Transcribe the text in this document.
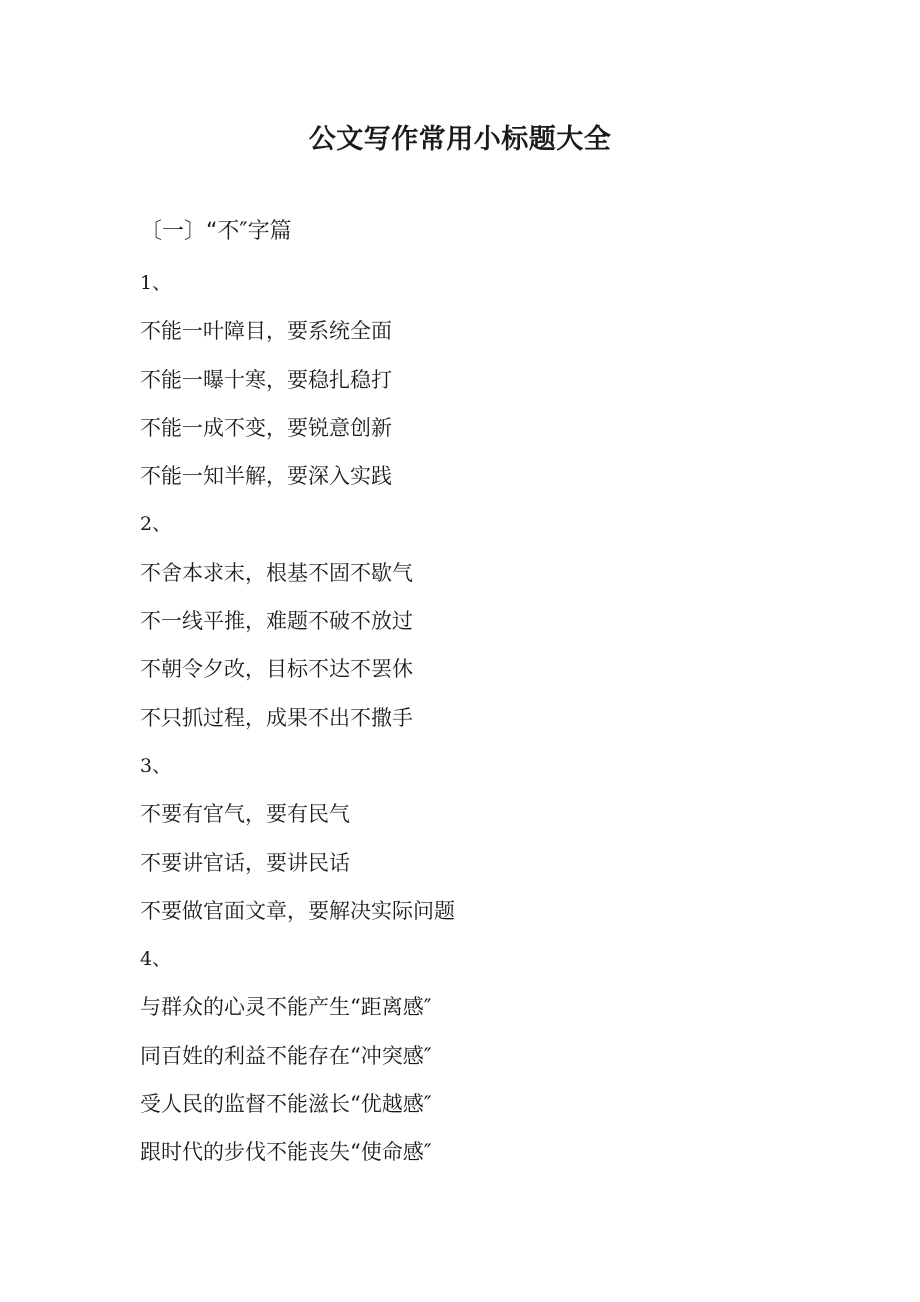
公文写作常用小标题大全
〔一〕“不″字篇
1、
不能一叶障目，要系统全面
不能一曝十寒，要稳扎稳打
不能一成不变，要锐意创新
不能一知半解，要深入实践
2、
不舍本求末，根基不固不歇气
不一线平推，难题不破不放过
不朝令夕改，目标不达不罢休
不只抓过程，成果不出不撒手
3、
不要有官气，要有民气
不要讲官话，要讲民话
不要做官面文章，要解决实际问题
4、
与群众的心灵不能产生“距离感″
同百姓的利益不能存在“冲突感″
受人民的监督不能滋长“优越感″
跟时代的步伐不能丧失“使命感″
